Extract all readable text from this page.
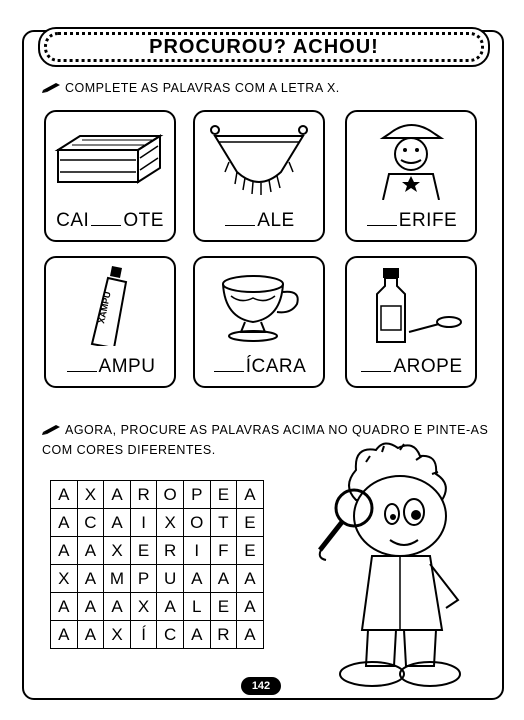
PROCUROU? ACHOU!
COMPLETE AS PALAVRAS COM A LETRA X.
CAI OTE	ALE	ERIFE
XAMPU
AMPU	ÍCARA	AROPE
AGORA, PROCURE AS PALAVRAS ACIMA NO QUADRO E PINTE-AS
COM CORES DIFERENTES.
A	X	A	R	O	P	E	A
A	C	A	I	X	O	T	E
A	A	X	E	R	I	F	E
X	A	M	P	U	A	A	A
A	A	A	X	A	L	E	A
A	A	X	Í	C	A	R	A
142
